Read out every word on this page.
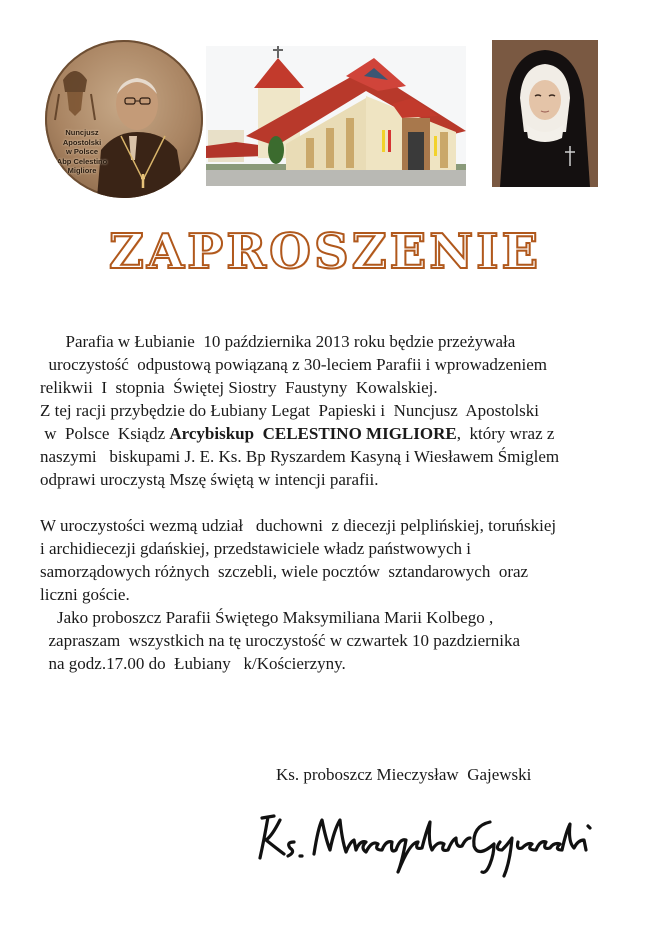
Nuncjusz
Apostolski
w Polsce
Abp Celestino
Migliore
ZAPROSZENIE
Parafia w Łubianie  10 października 2013 roku będzie przeżywała
uroczystość  odpustową powiązaną z 30-leciem Parafii i wprowadzeniem
relikwii  I  stopnia  Świętej Siostry  Faustyny  Kowalskiej.
Z tej racji przybędzie do Łubiany Legat  Papieski i  Nuncjusz  Apostolski
w  Polsce  Ksiądz Arcybiskup  CELESTINO MIGLIORE,  który wraz z
naszymi   biskupami J. E. Ks. Bp Ryszardem Kasyną i Wiesławem Śmiglem
odprawi uroczystą Mszę świętą w intencji parafii.
W uroczystości wezmą udział   duchowni  z diecezji pelplińskiej, toruńskiej
i archidiecezji gdańskiej, przedstawiciele władz państwowych i
samorządowych różnych  szczebli, wiele pocztów  sztandarowych  oraz
liczni goście.
Jako proboszcz Parafii Świętego Maksymiliana Marii Kolbego ,
zapraszam  wszystkich na tę uroczystość w czwartek 10 pazdziernika
na godz.17.00 do  Łubiany   k/Kościerzyny.
Ks. proboszcz Mieczysław  Gajewski
